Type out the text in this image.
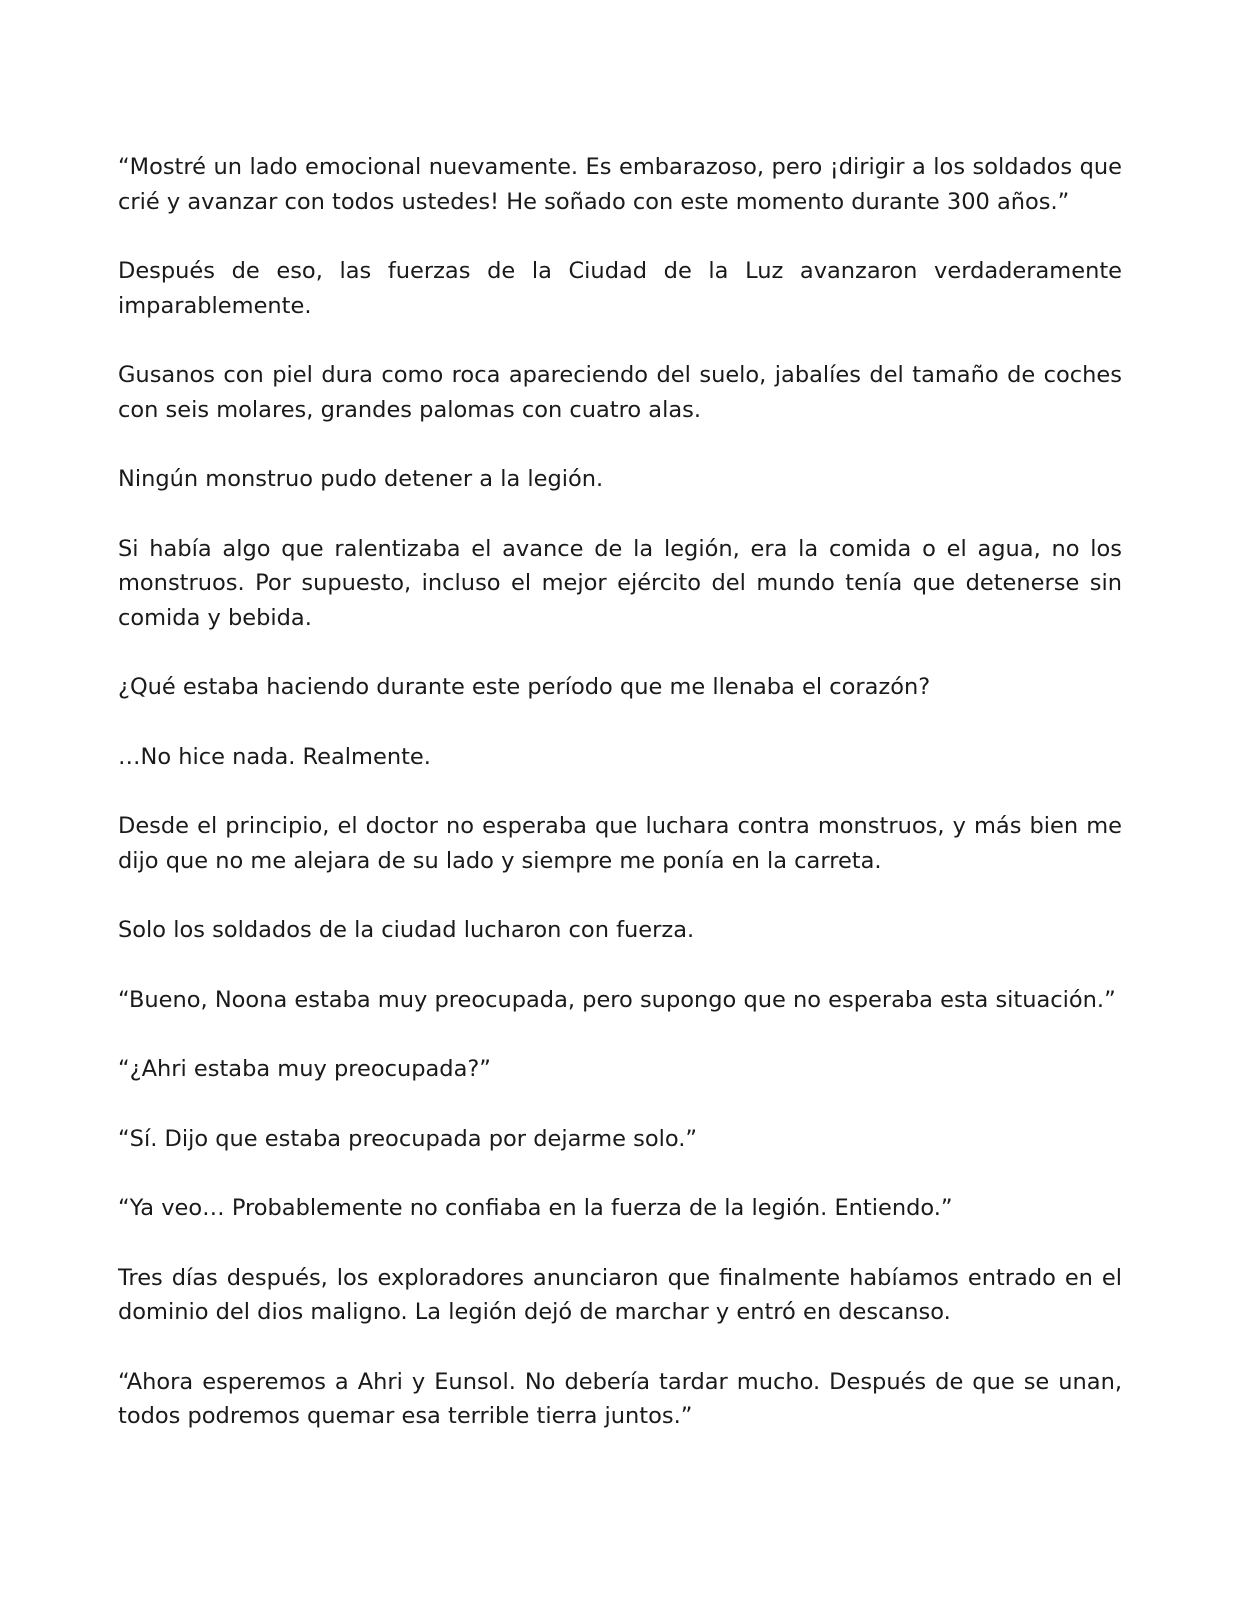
“Mostré un lado emocional nuevamente. Es embarazoso, pero ¡dirigir a los soldados que crié y avanzar con todos ustedes! He soñado con este momento durante 300 años.”

Después de eso, las fuerzas de la Ciudad de la Luz avanzaron verdaderamente imparablemente.

Gusanos con piel dura como roca apareciendo del suelo, jabalíes del tamaño de coches con seis molares, grandes palomas con cuatro alas.

Ningún monstruo pudo detener a la legión.

Si había algo que ralentizaba el avance de la legión, era la comida o el agua, no los monstruos. Por supuesto, incluso el mejor ejército del mundo tenía que detenerse sin comida y bebida.

¿Qué estaba haciendo durante este período que me llenaba el corazón?

…No hice nada. Realmente.

Desde el principio, el doctor no esperaba que luchara contra monstruos, y más bien me dijo que no me alejara de su lado y siempre me ponía en la carreta.

Solo los soldados de la ciudad lucharon con fuerza.

“Bueno, Noona estaba muy preocupada, pero supongo que no esperaba esta situación.”

“¿Ahri estaba muy preocupada?”

“Sí. Dijo que estaba preocupada por dejarme solo.”

“Ya veo… Probablemente no confiaba en la fuerza de la legión. Entiendo.”

Tres días después, los exploradores anunciaron que finalmente habíamos entrado en el dominio del dios maligno. La legión dejó de marchar y entró en descanso.

“Ahora esperemos a Ahri y Eunsol. No debería tardar mucho. Después de que se unan, todos podremos quemar esa terrible tierra juntos.”
